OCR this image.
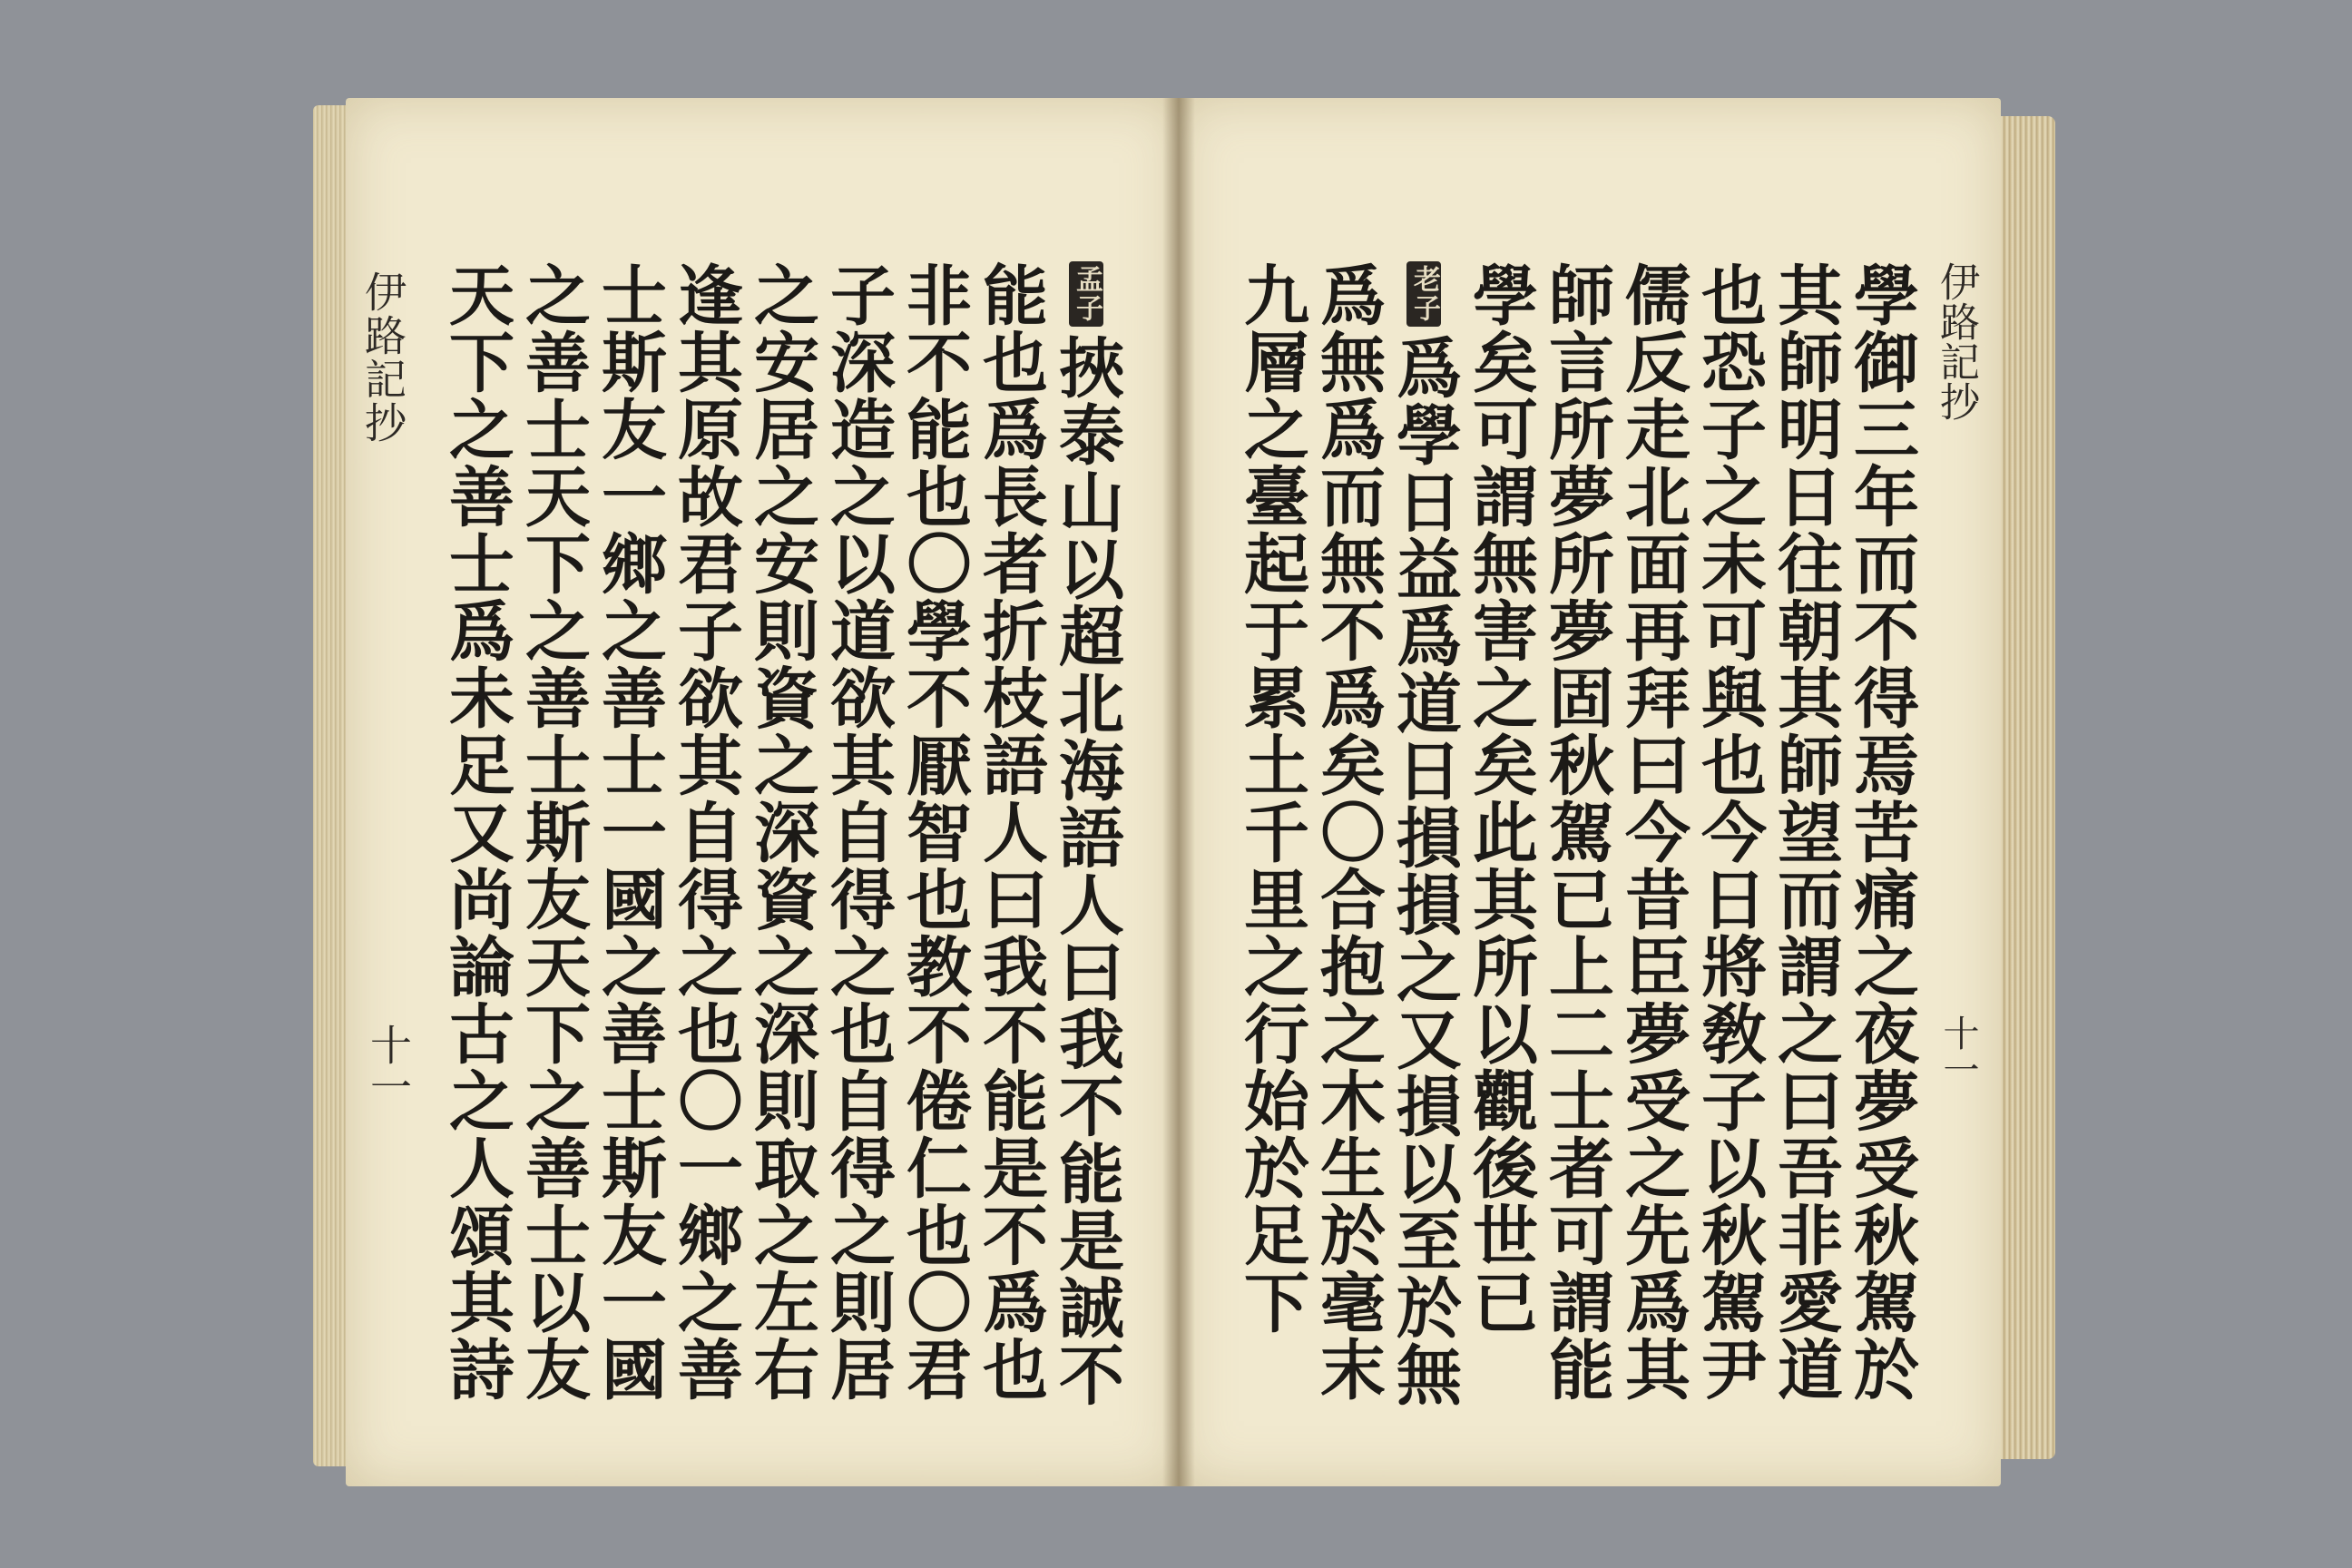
伊路記抄
十一
孟子挾泰山以超北海語人曰我不能是誠不
能也爲長者折枝語人曰我不能是不爲也
非不能也〇學不厭智也教不倦仁也〇君
子深造之以道欲其自得之也自得之則居
之安居之安則資之深資之深則取之左右
逢其原故君子欲其自得之也〇一鄉之善
士斯友一鄉之善士一國之善士斯友一國
之善士天下之善士斯友天下之善士以友
天下之善士爲未足又尚論古之人頌其詩	伊路記抄
十一
學御三年而不得焉苦痛之夜夢受秋駕於
其師明日往朝其師望而謂之曰吾非愛道
也恐子之未可與也今日將敎子以秋駕尹
儒反走北面再拜曰今昔臣夢受之先爲其
師言所夢所夢固秋駕已上二士者可謂能
學矣可謂無害之矣此其所以觀後世已
老子爲學日益爲道日損損之又損以至於無
爲無爲而無不爲矣〇合抱之木生於毫末
九層之臺起于累土千里之行始於足下
